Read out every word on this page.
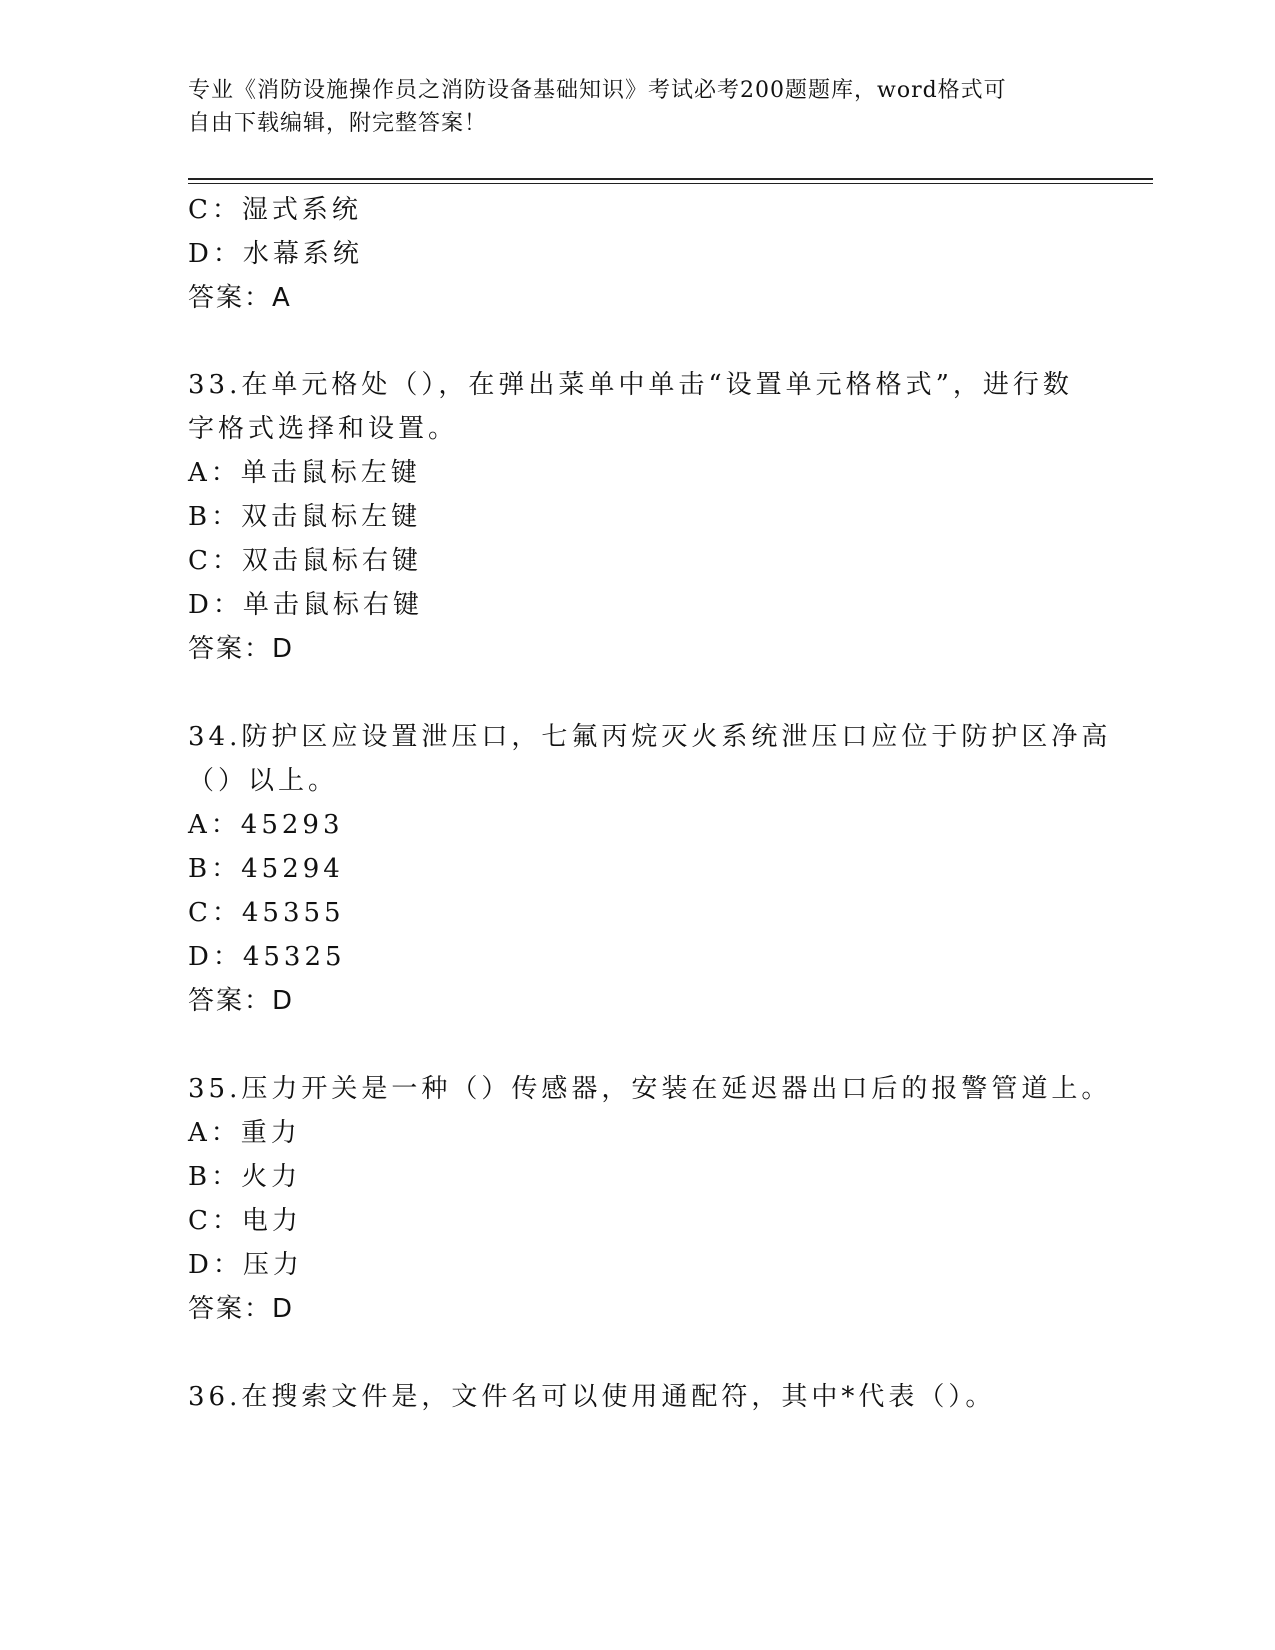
专业《消防设施操作员之消防设备基础知识》考试必考200题题库，word格式可
自由下载编辑，附完整答案！
C：湿式系统
D：水幕系统
答案：A
33.在单元格处（），在弹出菜单中单击“设置单元格格式”，进行数
字格式选择和设置。
A：单击鼠标左键
B：双击鼠标左键
C：双击鼠标右键
D：单击鼠标右键
答案：D
34.防护区应设置泄压口，七氟丙烷灭火系统泄压口应位于防护区净高
（）以上。
A：45293
B：45294
C：45355
D：45325
答案：D
35.压力开关是一种（）传感器，安装在延迟器出口后的报警管道上。
A：重力
B：火力
C：电力
D：压力
答案：D
36.在搜索文件是，文件名可以使用通配符，其中*代表（）。
